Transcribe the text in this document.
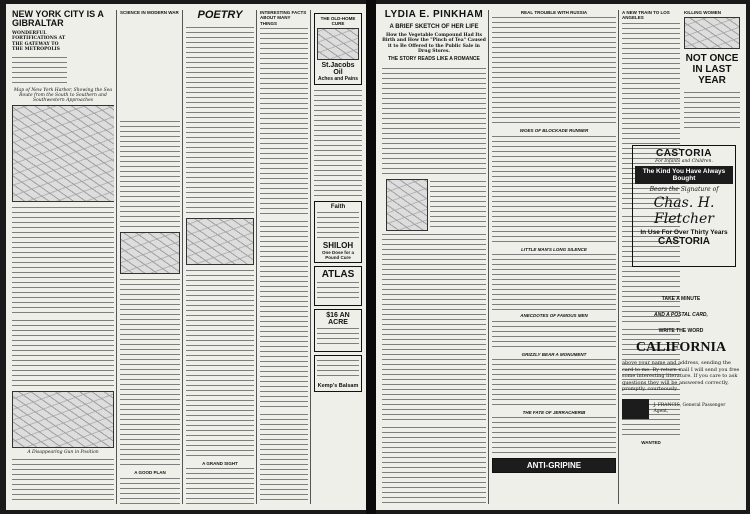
NEW YORK CITY IS A GIBRALTAR
WONDERFUL FORTIFICATIONS AT THE GATEWAY TO THE METROPOLIS
Map of New York Harbor, Showing the Sea Route from the South to Southern and Southwestern Approaches
A Disappearing Gun in Position
SCIENCE IN MODERN WAR
A GOOD PLAN
POETRY
A GRAND SIGHT
INTERESTING FACTS ABOUT MANY THINGS
THE OLD-HOME CURE
St.Jacobs Oil
Aches and Pains
Faith
SHILOH
One Dose for a Pound Cure
ATLAS
$16 AN ACRE
Kemp's Balsam
LYDIA E. PINKHAM
A BRIEF SKETCH OF HER LIFE
How the Vegetable Compound Had Its Birth and How the "Pinch of Tea" Caused it to Be Offered to the Public Sale in Drug Stores.
THE STORY READS LIKE A ROMANCE
REAL TROUBLE WITH RUSSIA
WOES OF BLOCKADE RUNNER
LITTLE MAN'S LONG SILENCE
ANECDOTES OF FAMOUS MEN
GRIZZLY BEAR A MONUMENT
THE FATE OF JERRACHERIB
ANTI-GRIPINE
A NEW TRAIN TO LOS ANGELES
WANTED
KILLING WOMEN
NOT ONCE IN LAST YEAR
CASTORIA
For Infants and Children.
The Kind You Have Always Bought
Bears the Signature of
Chas. H. Fletcher
In Use For Over Thirty Years
CASTORIA
TAKE A MINUTE
AND A POSTAL CARD,
WRITE THE WORD
CALIFORNIA
above your name and address, sending the card to me. By return mail I will send you free some interesting literature. If you care to ask questions they will be answered correctly, promptly, courteously.
J. FRANCIS, General Passenger Agent,
